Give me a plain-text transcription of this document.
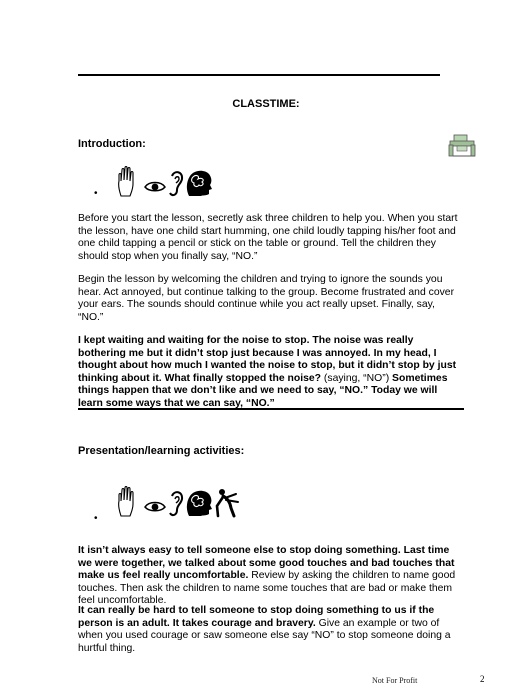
CLASSTIME:
Introduction:
•

Before you start the lesson, secretly ask three children to help you. When you start the lesson, have one child start humming, one child loudly tapping his/her foot and one child tapping a pencil or stick on the table or ground. Tell the children they should stop when you finally say, “NO.”

Begin the lesson by welcoming the children and trying to ignore the sounds you hear. Act annoyed, but continue talking to the group. Become frustrated and cover your ears. The sounds should continue while you act really upset. Finally, say, “NO.”

I kept waiting and waiting for the noise to stop. The noise was really bothering me but it didn’t stop just because I was annoyed. In my head, I thought about how much I wanted the noise to stop, but it didn’t stop by just thinking about it. What finally stopped the noise? (saying, “NO”) Sometimes things happen that we don’t like and we need to say, “NO.” Today we will learn some ways that we can say, “NO.”

Presentation/learning activities:
•

It isn’t always easy to tell someone else to stop doing something. Last time we were together, we talked about some good touches and bad touches that make us feel really uncomfortable. Review by asking the children to name good touches. Then ask the children to name some touches that are bad or make them feel uncomfortable.

It can really be hard to tell someone to stop doing something to us if the person is an adult. It takes courage and bravery. Give an example or two of when you used courage or saw someone else say “NO” to stop someone doing a hurtful thing.

Not For Profit	2
